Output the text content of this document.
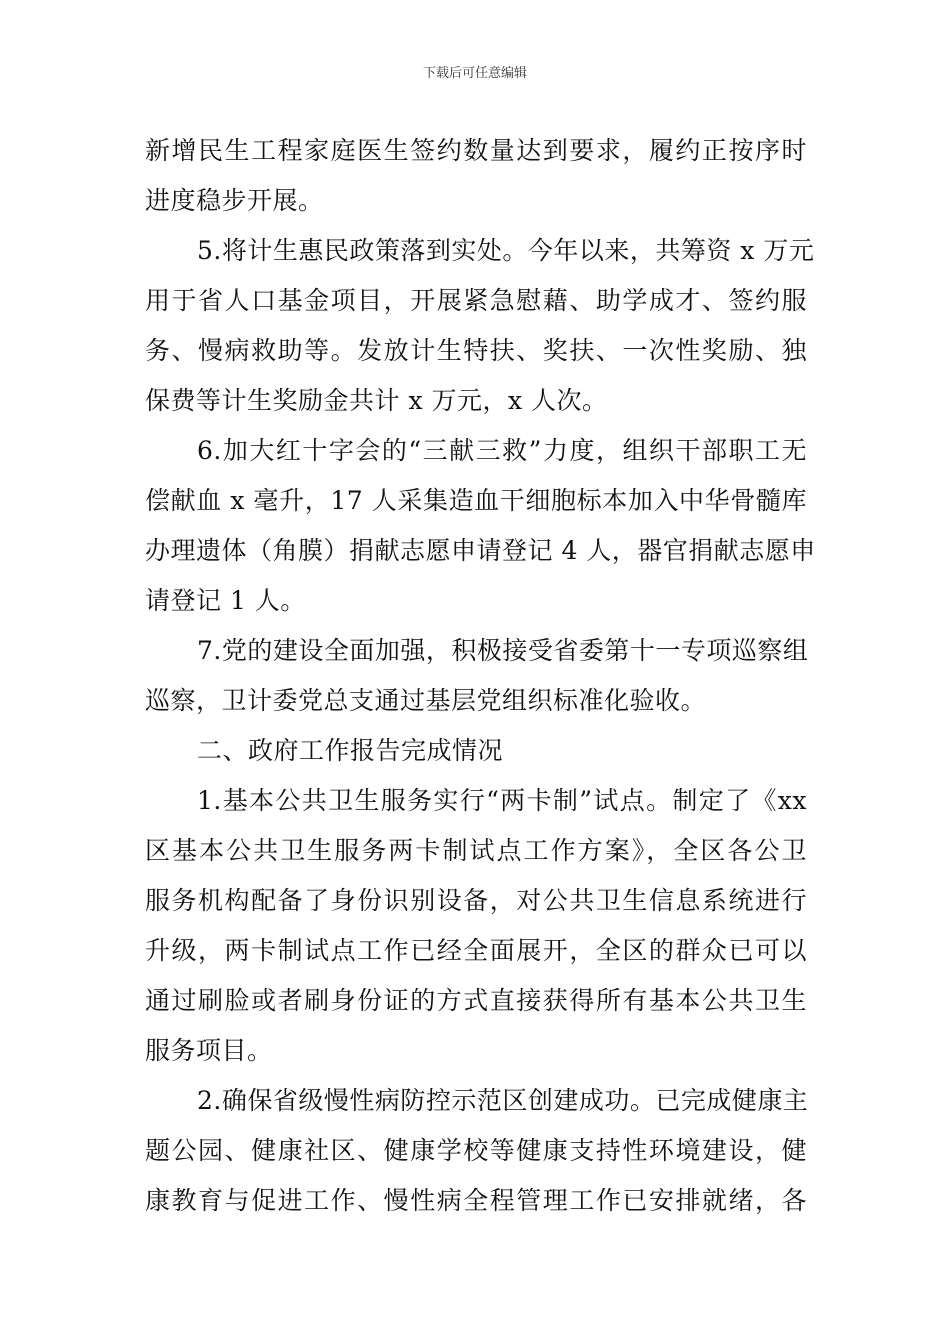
下载后可任意编辑
新增民生工程家庭医生签约数量达到要求，履约正按序时
进度稳步开展。
5.将计生惠民政策落到实处。今年以来，共筹资 x 万元
用于省人口基金项目，开展紧急慰藉、助学成才、签约服
务、慢病救助等。发放计生特扶、奖扶、一次性奖励、独
保费等计生奖励金共计 x 万元，x 人次。
6.加大红十字会的“三献三救”力度，组织干部职工无
偿献血 x 毫升，17 人采集造血干细胞标本加入中华骨髓库
办理遗体（角膜）捐献志愿申请登记 4 人，器官捐献志愿申
请登记 1 人。
7.党的建设全面加强，积极接受省委第十一专项巡察组
巡察，卫计委党总支通过基层党组织标准化验收。
二、政府工作报告完成情况
1.基本公共卫生服务实行“两卡制”试点。制定了《xx
区基本公共卫生服务两卡制试点工作方案》，全区各公卫
服务机构配备了身份识别设备，对公共卫生信息系统进行
升级，两卡制试点工作已经全面展开，全区的群众已可以
通过刷脸或者刷身份证的方式直接获得所有基本公共卫生
服务项目。
2.确保省级慢性病防控示范区创建成功。已完成健康主
题公园、健康社区、健康学校等健康支持性环境建设，健
康教育与促进工作、慢性病全程管理工作已安排就绪，各
